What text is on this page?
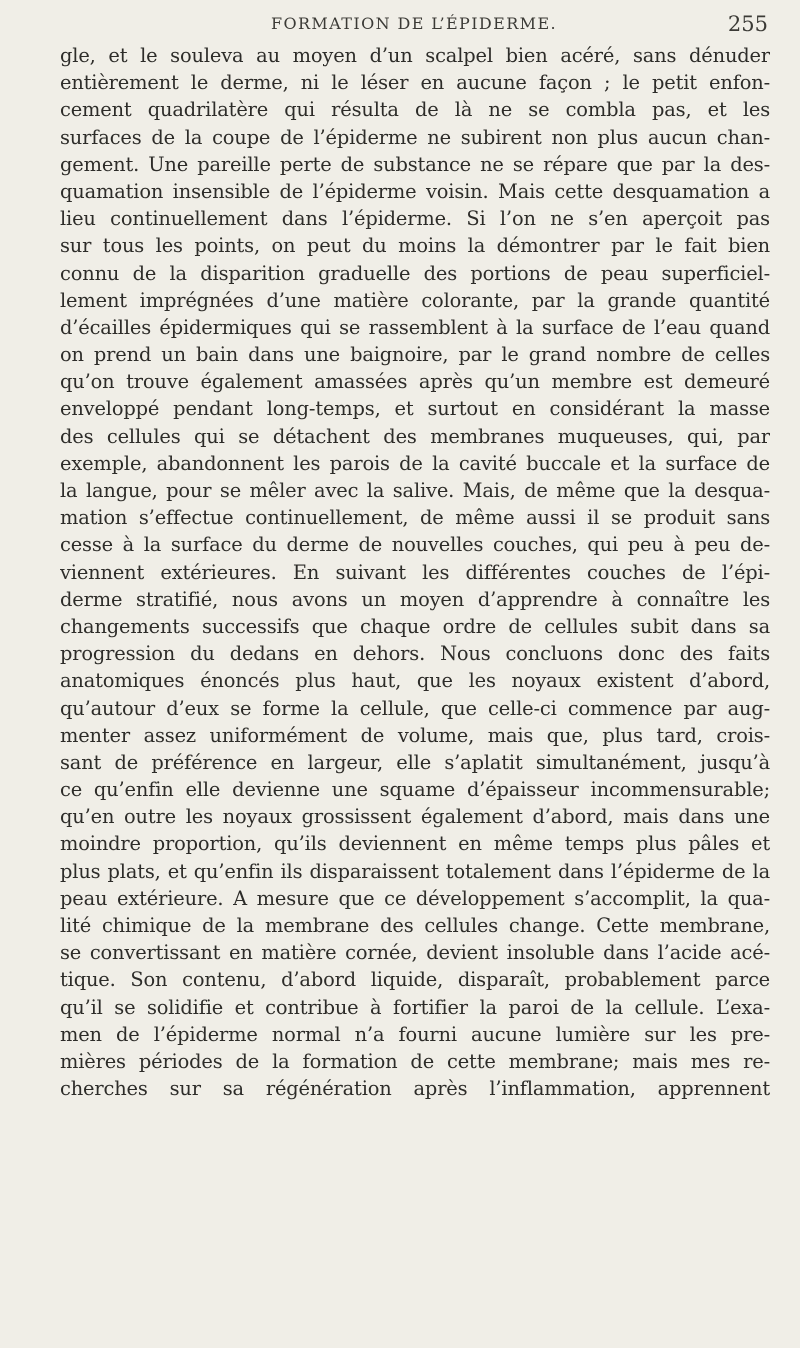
FORMATION DE L’ÉPIDERME.	255
gle, et le souleva au moyen d’un scalpel bien acéré, sans dénuder
entièrement le derme, ni le léser en aucune façon ; le petit enfon-
cement quadrilatère qui résulta de là ne se combla pas, et les
surfaces de la coupe de l’épiderme ne subirent non plus aucun chan-
gement. Une pareille perte de substance ne se répare que par la des-
quamation insensible de l’épiderme voisin. Mais cette desquamation a
lieu continuellement dans l’épiderme. Si l’on ne s’en aperçoit pas
sur tous les points, on peut du moins la démontrer par le fait bien
connu de la disparition graduelle des portions de peau superficiel-
lement imprégnées d’une matière colorante, par la grande quantité
d’écailles épidermiques qui se rassemblent à la surface de l’eau quand
on prend un bain dans une baignoire, par le grand nombre de celles
qu’on trouve également amassées après qu’un membre est demeuré
enveloppé pendant long-temps, et surtout en considérant la masse
des cellules qui se détachent des membranes muqueuses, qui, par
exemple, abandonnent les parois de la cavité buccale et la surface de
la langue, pour se mêler avec la salive. Mais, de même que la desqua-
mation s’effectue continuellement, de même aussi il se produit sans
cesse à la surface du derme de nouvelles couches, qui peu à peu de-
viennent extérieures. En suivant les différentes couches de l’épi-
derme stratifié, nous avons un moyen d’apprendre à connaître les
changements successifs que chaque ordre de cellules subit dans sa
progression du dedans en dehors. Nous concluons donc des faits
anatomiques énoncés plus haut, que les noyaux existent d’abord,
qu’autour d’eux se forme la cellule, que celle-ci commence par aug-
menter assez uniformément de volume, mais que, plus tard, crois-
sant de préférence en largeur, elle s’aplatit simultanément, jusqu’à
ce qu’enfin elle devienne une squame d’épaisseur incommensurable;
qu’en outre les noyaux grossissent également d’abord, mais dans une
moindre proportion, qu’ils deviennent en même temps plus pâles et
plus plats, et qu’enfin ils disparaissent totalement dans l’épiderme de la
peau extérieure. A mesure que ce développement s’accomplit, la qua-
lité chimique de la membrane des cellules change. Cette membrane,
se convertissant en matière cornée, devient insoluble dans l’acide acé-
tique. Son contenu, d’abord liquide, disparaît, probablement parce
qu’il se solidifie et contribue à fortifier la paroi de la cellule. L’exa-
men de l’épiderme normal n’a fourni aucune lumière sur les pre-
mières périodes de la formation de cette membrane; mais mes re-
cherches sur sa régénération après l’inflammation, apprennent
